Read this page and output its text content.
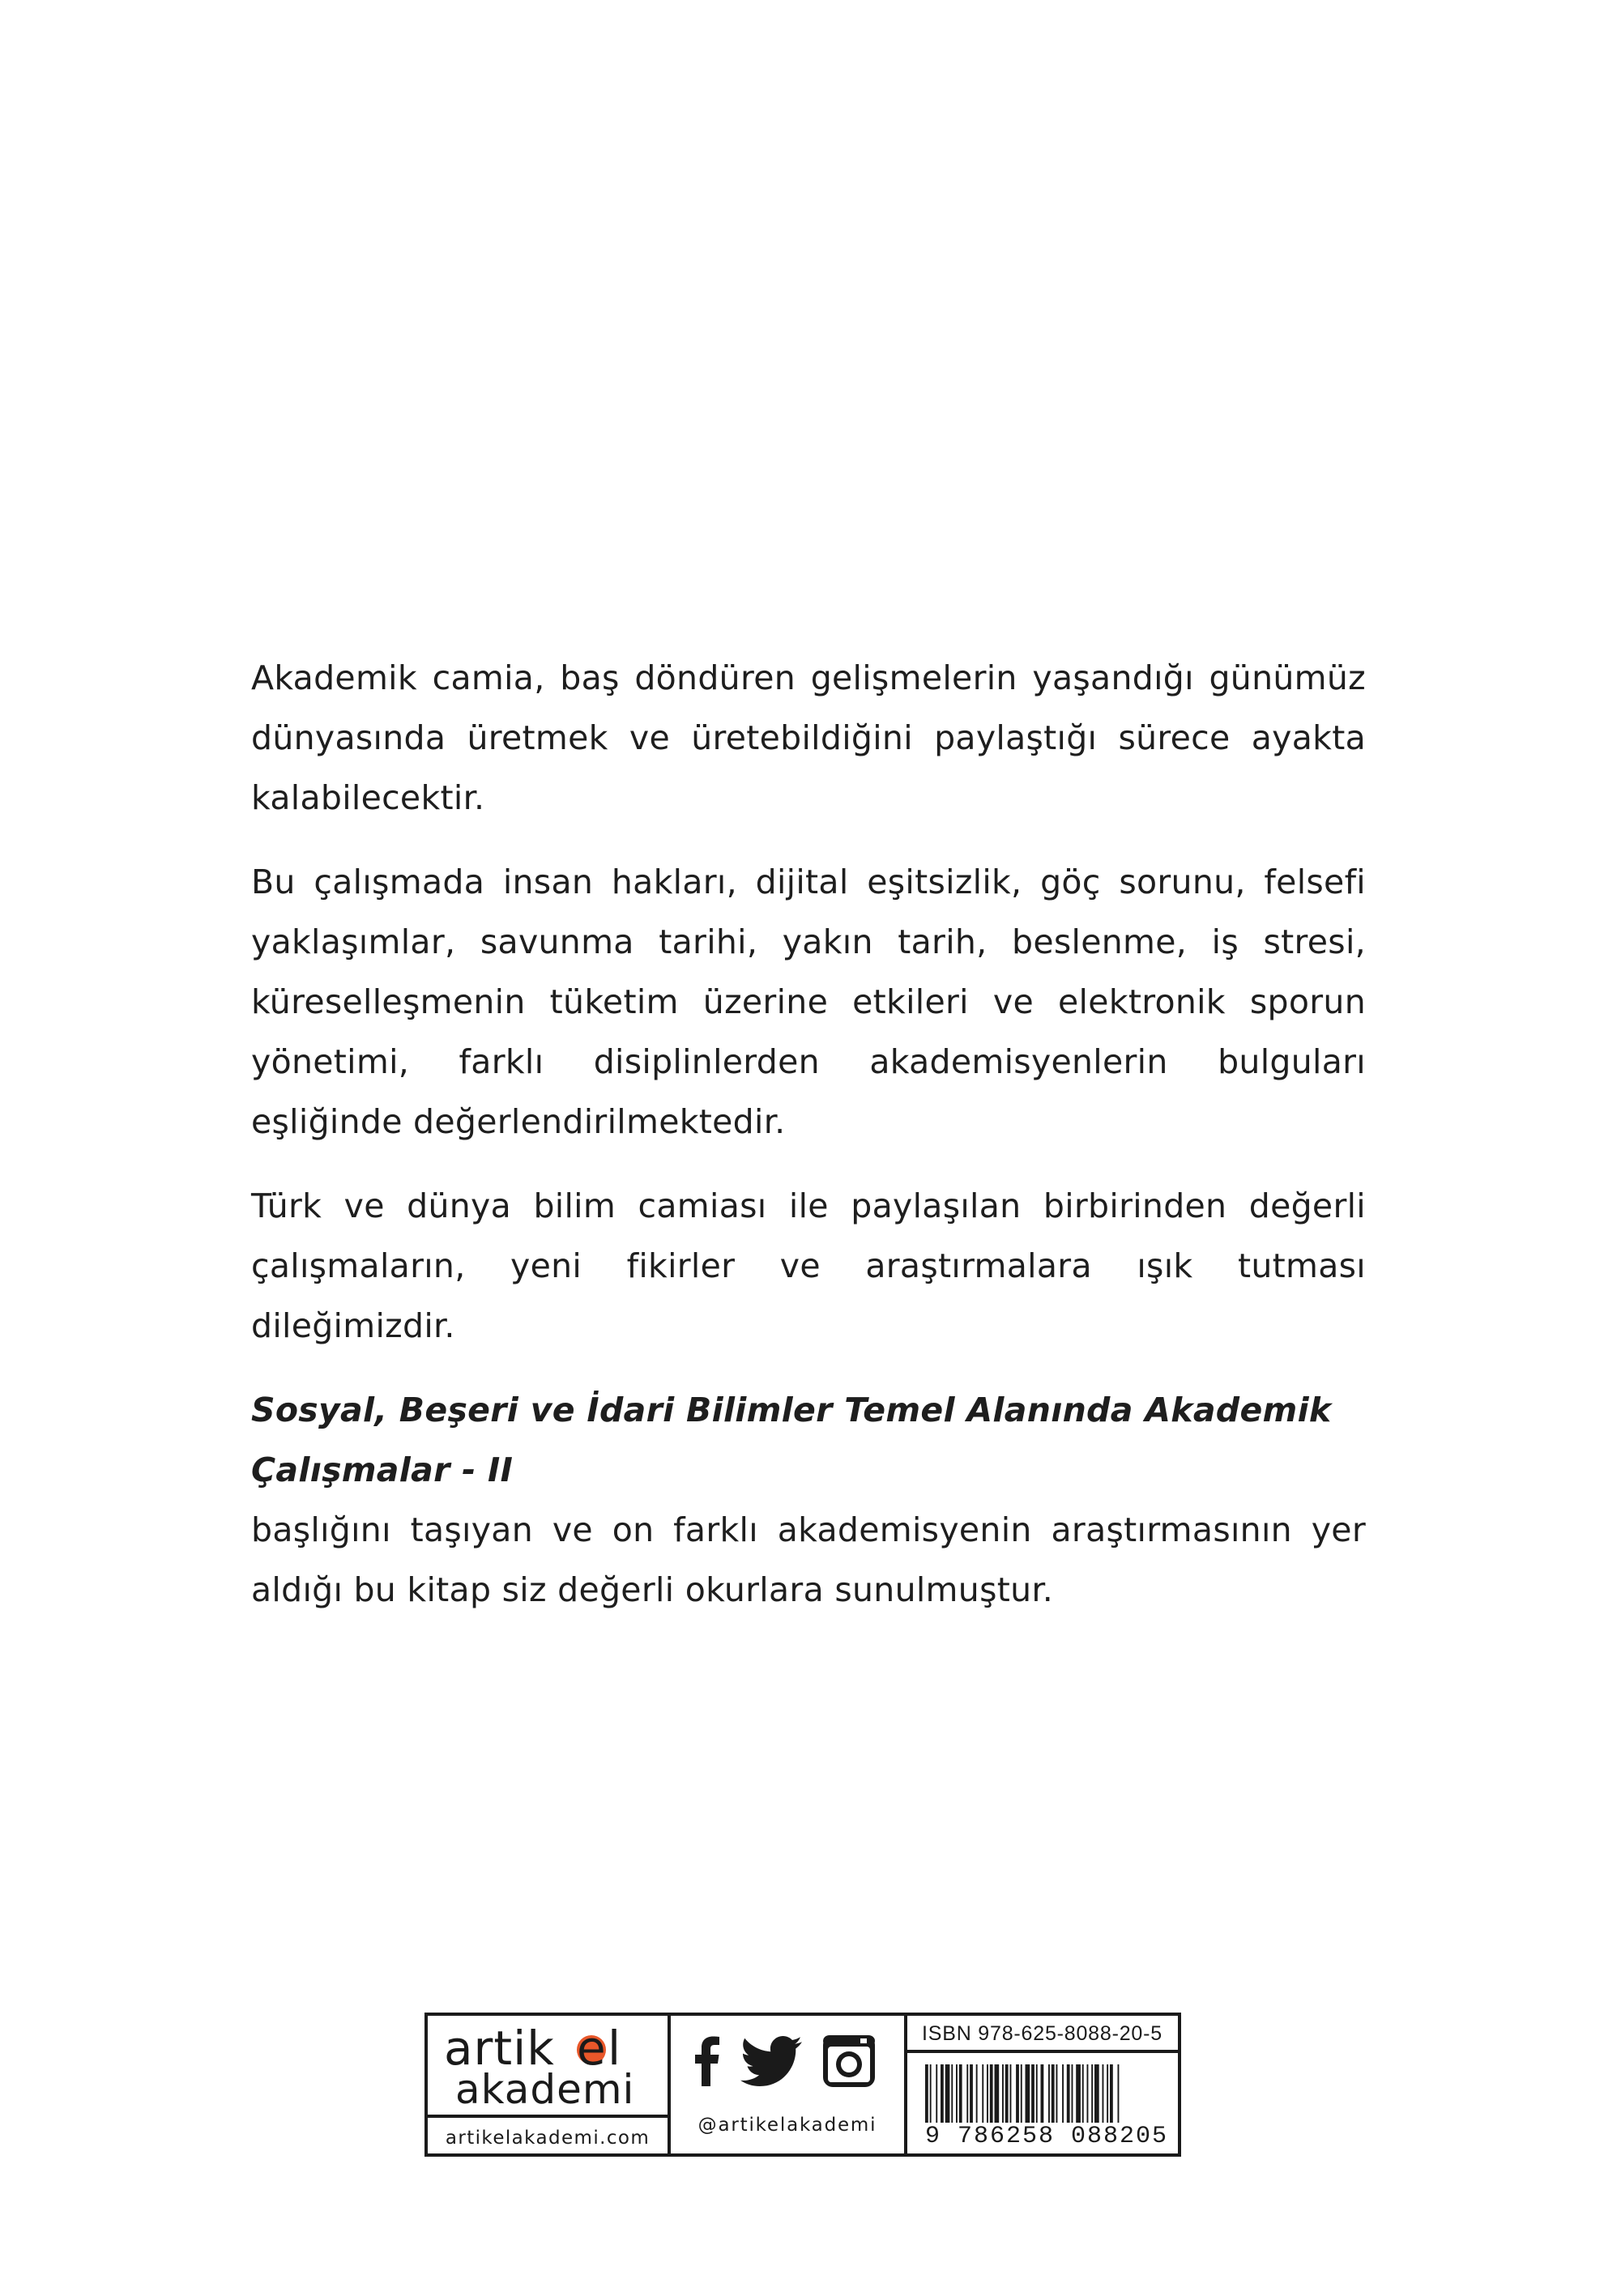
Akademik camia, baş döndüren gelişmelerin yaşandığı günümüz dünyasında üretmek ve üretebildiğini paylaştığı sürece ayakta kalabilecektir.

Bu çalışmada insan hakları, dijital eşitsizlik, göç sorunu, felsefi yaklaşımlar, savunma tarihi, yakın tarih, beslenme, iş stresi, küreselleşmenin tüketim üzerine etkileri ve elektronik sporun yönetimi, farklı disiplinlerden akademisyenlerin bulguları eşliğinde değerlendirilmektedir.

Türk ve dünya bilim camiası ile paylaşılan birbirinden değerli çalışmaların, yeni fikirler ve araştırmalara ışık tutması dileğimizdir.

Sosyal, Beşeri ve İdari Bilimler Temel Alanında Akademik Çalışmalar - II
başlığını taşıyan ve on farklı akademisyenin araştırmasının yer aldığı bu kitap siz değerli okurlara sunulmuştur.

artik e l
akademi
artikelakademi.com
@artikelakademi
ISBN 978-625-8088-20-5
9 786258 088205
